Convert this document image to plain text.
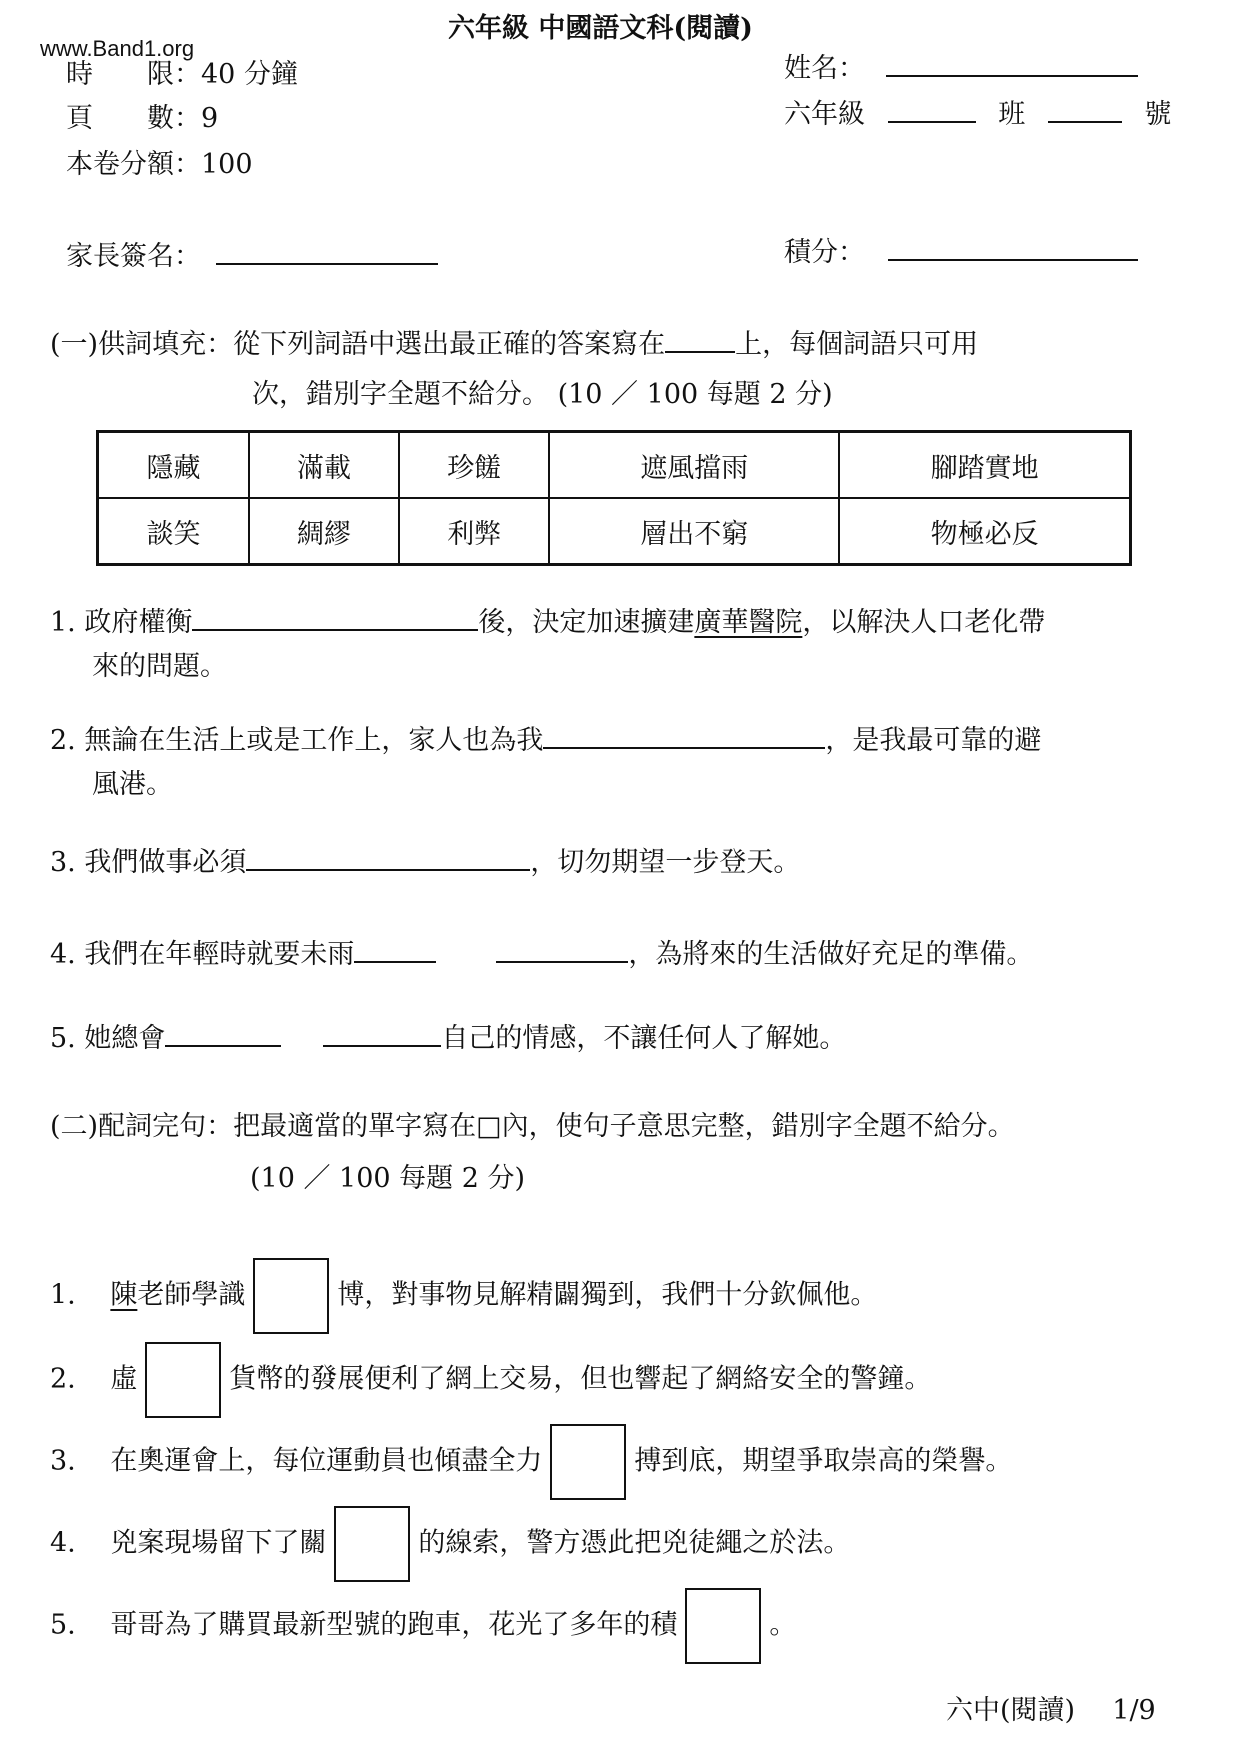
www.Band1.org
六年級 中國語文科(閱讀)
時　　限：40 分鐘
頁　　數：9
本卷分額：100
姓名：
六年級	班	號
家長簽名：	積分：
(一)供詞填充：從下列詞語中選出最正確的答案寫在	上，每個詞語只可用
次，錯別字全題不給分。 (10 ／ 100 每題 2 分)
隱藏	滿載	珍饈	遮風擋雨	腳踏實地
談笑	綢繆	利弊	層出不窮	物極必反
1. 政府權衡	後，決定加速擴建廣華醫院，以解決人口老化帶
來的問題。
2. 無論在生活上或是工作上，家人也為我	，是我最可靠的避
風港。
3. 我們做事必須	，切勿期望一步登天。
4. 我們在年輕時就要未雨	，為將來的生活做好充足的準備。
5. 她總會	自己的情感，不讓任何人了解她。
(二)配詞完句：把最適當的單字寫在□內，使句子意思完整，錯別字全題不給分。
(10 ／ 100 每題 2 分)
1. 陳老師學識	博，對事物見解精闢獨到，我們十分欽佩他。
2. 虛	貨幣的發展便利了網上交易，但也響起了網絡安全的警鐘。
3. 在奧運會上，每位運動員也傾盡全力	搏到底，期望爭取崇高的榮譽。
4. 兇案現場留下了關	的線索，警方憑此把兇徒繩之於法。
5. 哥哥為了購買最新型號的跑車，花光了多年的積	。
六中(閱讀) 1/9
